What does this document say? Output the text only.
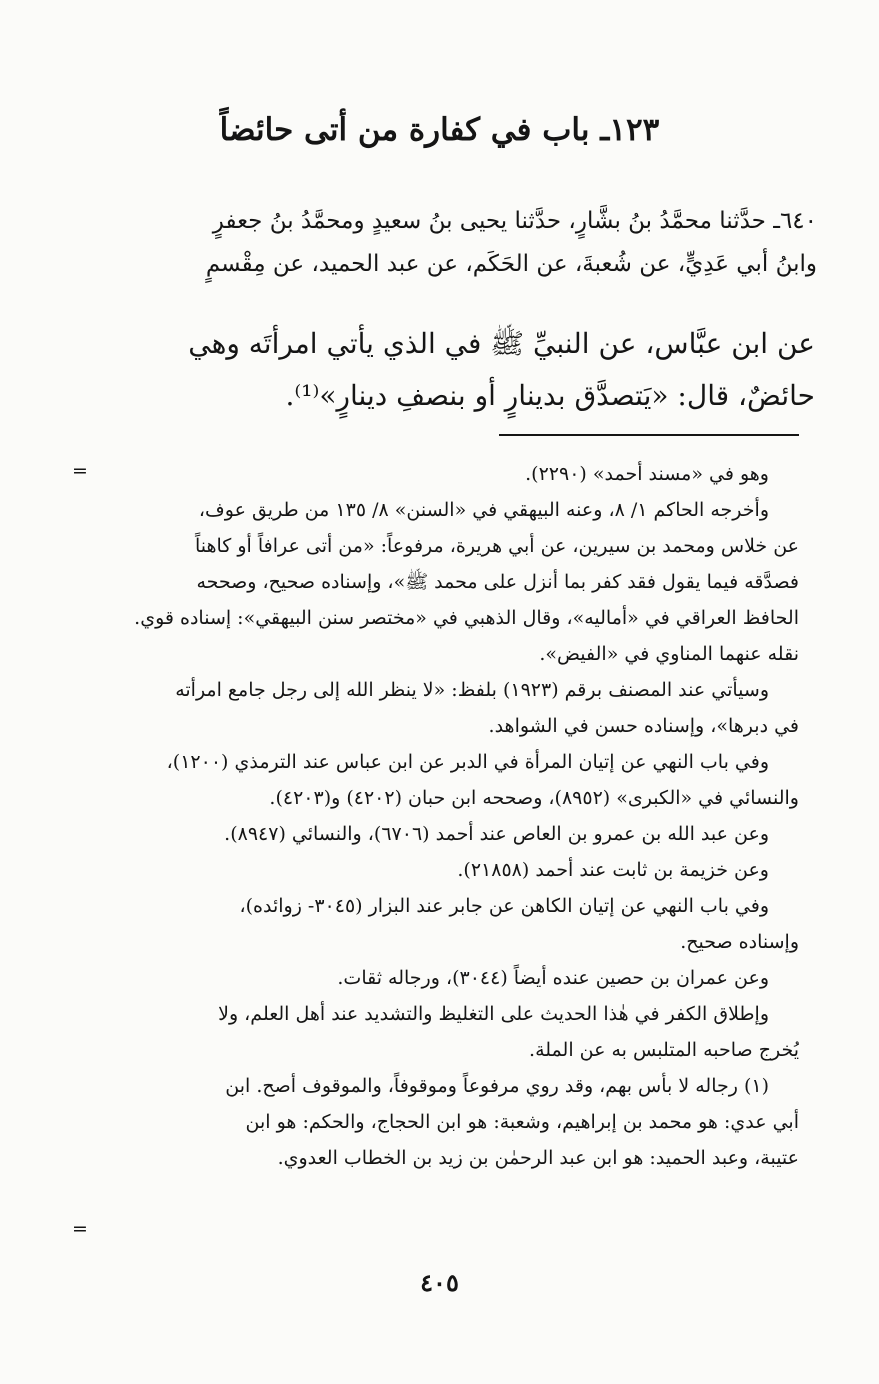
١٢٣ـ باب في كفارة من أتى حائضاً
٦٤٠ـ حدَّثنا محمَّدُ بنُ بشَّارٍ، حدَّثنا يحيى بنُ سعيدٍ ومحمَّدُ بنُ جعفرٍ
وابنُ أبي عَدِيٍّ، عن شُعبةَ، عن الحَكَم، عن عبد الحميد، عن مِقْسمٍ
عن ابن عبَّاس، عن النبيِّ ﷺ في الذي يأتي امرأتَه وهي
حائضٌ، قال: «يَتصدَّق بدينارٍ أو بنصفِ دينارٍ»⁽¹⁾.
=	وهو في «مسند أحمد» (٢٢٩٠).
وأخرجه الحاكم ١/ ٨، وعنه البيهقي في «السنن» ٨/ ١٣٥ من طريق عوف،
عن خلاس ومحمد بن سيرين، عن أبي هريرة، مرفوعاً: «من أتى عرافاً أو كاهناً
فصدَّقه فيما يقول فقد كفر بما أنزل على محمد ﷺ»، وإسناده صحيح، وصححه
الحافظ العراقي في «أماليه»، وقال الذهبي في «مختصر سنن البيهقي»: إسناده قوي.
نقله عنهما المناوي في «الفيض».
وسيأتي عند المصنف برقم (١٩٢٣) بلفظ: «لا ينظر الله إلى رجل جامع امرأته
في دبرها»، وإسناده حسن في الشواهد.
وفي باب النهي عن إتيان المرأة في الدبر عن ابن عباس عند الترمذي (١٢٠٠)،
والنسائي في «الكبرى» (٨٩٥٢)، وصححه ابن حبان (٤٢٠٢) و(٤٢٠٣).
وعن عبد الله بن عمرو بن العاص عند أحمد (٦٧٠٦)، والنسائي (٨٩٤٧).
وعن خزيمة بن ثابت عند أحمد (٢١٨٥٨).
وفي باب النهي عن إتيان الكاهن عن جابر عند البزار (٣٠٤٥- زوائده)،
وإسناده صحيح.
وعن عمران بن حصين عنده أيضاً (٣٠٤٤)، ورجاله ثقات.
وإطلاق الكفر في هٰذا الحديث على التغليظ والتشديد عند أهل العلم، ولا
يُخرج صاحبه المتلبس به عن الملة.
(١) رجاله لا بأس بهم، وقد روي مرفوعاً وموقوفاً، والموقوف أصح. ابن
أبي عدي: هو محمد بن إبراهيم، وشعبة: هو ابن الحجاج، والحكم: هو ابن
عتيبة، وعبد الحميد: هو ابن عبد الرحمٰن بن زيد بن الخطاب العدوي.
=
٤٠٥
